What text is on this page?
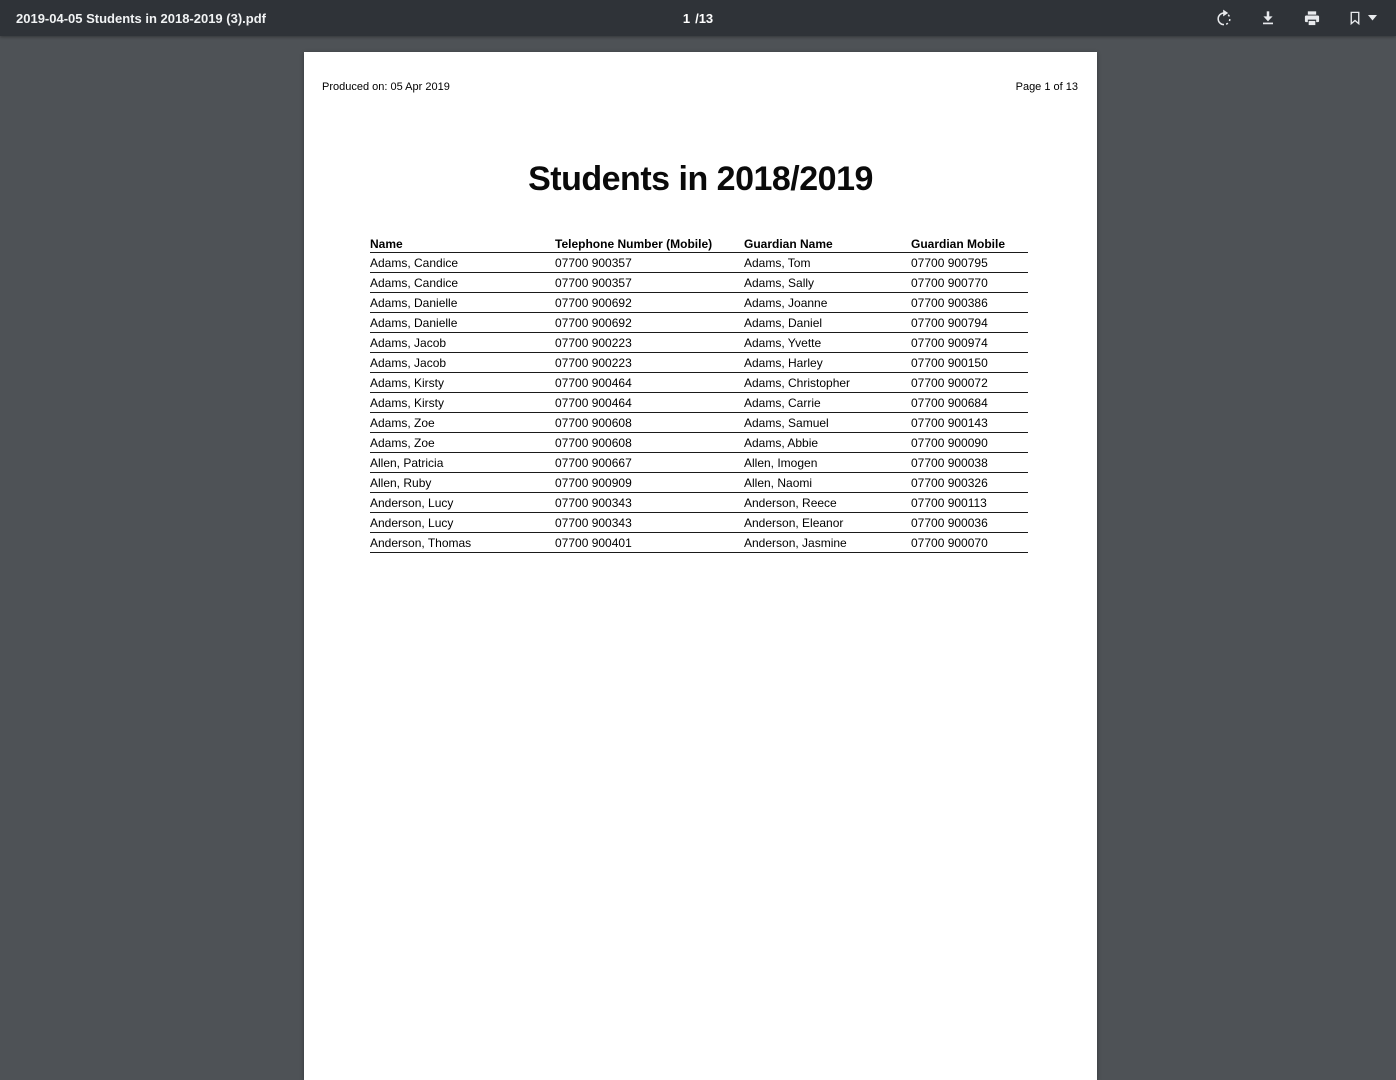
2019-04-05 Students in 2018-2019 (3).pdf	1 /13
Produced on: 05 Apr 2019	Page 1 of 13
Students in 2018/2019
Name	Telephone Number (Mobile)	Guardian Name	Guardian Mobile
Adams, Candice	07700 900357	Adams, Tom	07700 900795
Adams, Candice	07700 900357	Adams, Sally	07700 900770
Adams, Danielle	07700 900692	Adams, Joanne	07700 900386
Adams, Danielle	07700 900692	Adams, Daniel	07700 900794
Adams, Jacob	07700 900223	Adams, Yvette	07700 900974
Adams, Jacob	07700 900223	Adams, Harley	07700 900150
Adams, Kirsty	07700 900464	Adams, Christopher	07700 900072
Adams, Kirsty	07700 900464	Adams, Carrie	07700 900684
Adams, Zoe	07700 900608	Adams, Samuel	07700 900143
Adams, Zoe	07700 900608	Adams, Abbie	07700 900090
Allen, Patricia	07700 900667	Allen, Imogen	07700 900038
Allen, Ruby	07700 900909	Allen, Naomi	07700 900326
Anderson, Lucy	07700 900343	Anderson, Reece	07700 900113
Anderson, Lucy	07700 900343	Anderson, Eleanor	07700 900036
Anderson, Thomas	07700 900401	Anderson, Jasmine	07700 900070
